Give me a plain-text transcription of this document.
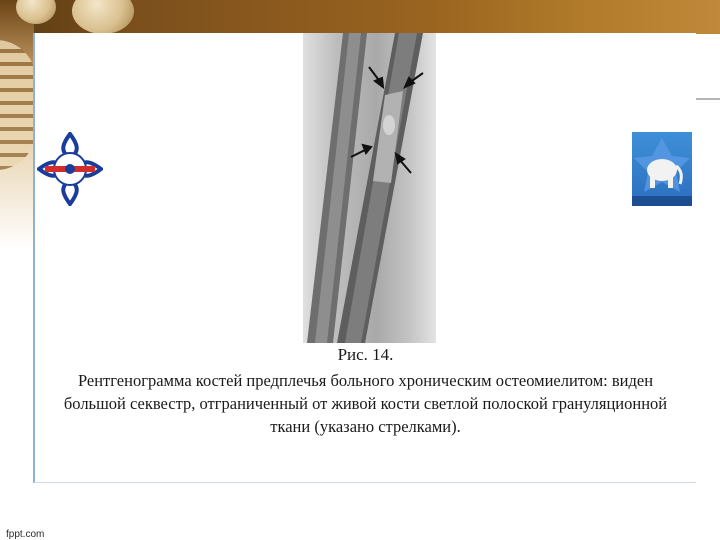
Рис. 14.
Рентгенограмма костей предплечья больного хроническим остеомиелитом: виден
большой секвестр, отграниченный от живой кости светлой полоской грануляционной
ткани (указано стрелками).
fppt.com
